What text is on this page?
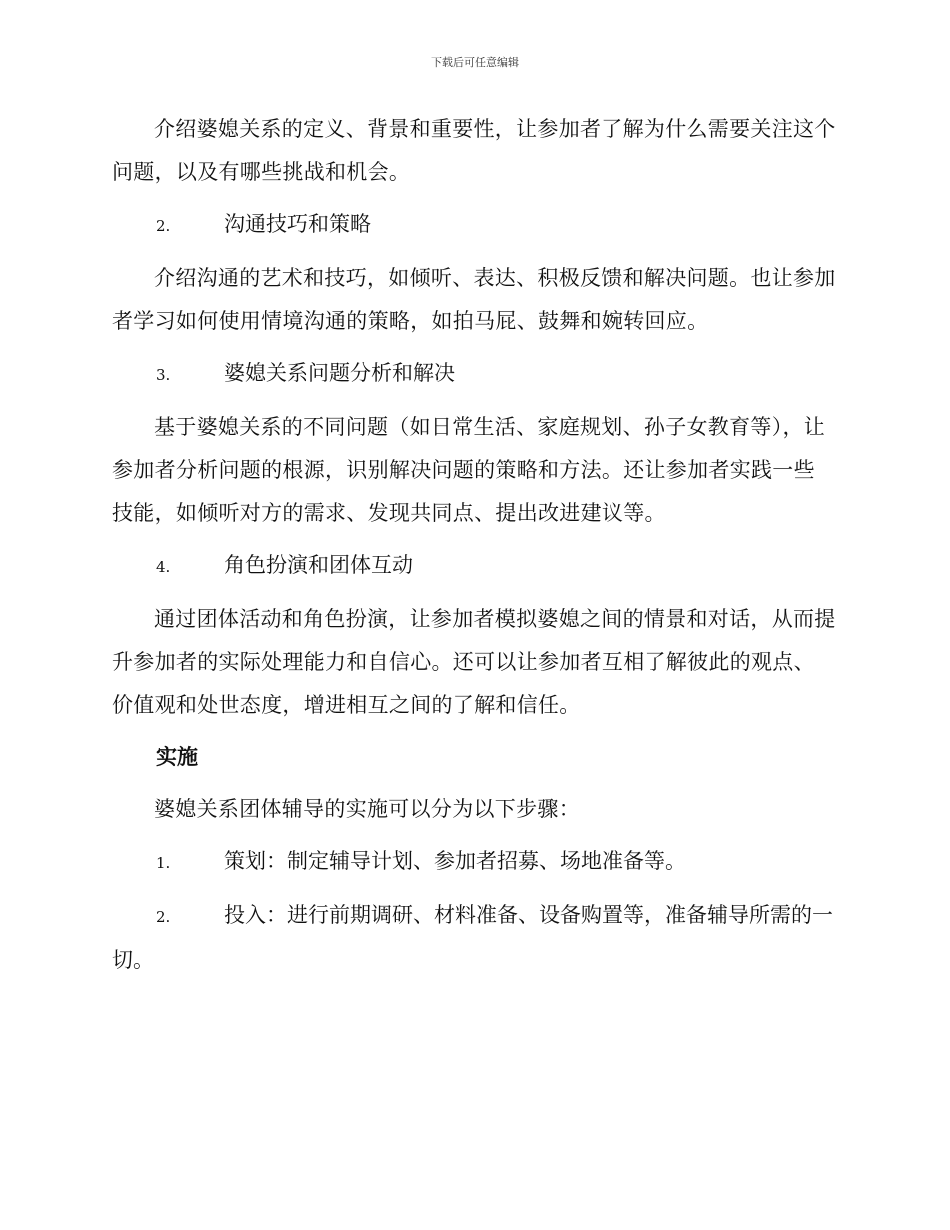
下载后可任意编辑

介绍婆媳关系的定义、背景和重要性，让参加者了解为什么需要关注这个问题，以及有哪些挑战和机会。

2.	沟通技巧和策略

介绍沟通的艺术和技巧，如倾听、表达、积极反馈和解决问题。也让参加者学习如何使用情境沟通的策略，如拍马屁、鼓舞和婉转回应。

3.	婆媳关系问题分析和解决

基于婆媳关系的不同问题（如日常生活、家庭规划、孙子女教育等），让参加者分析问题的根源，识别解决问题的策略和方法。还让参加者实践一些技能，如倾听对方的需求、发现共同点、提出改进建议等。

4.	角色扮演和团体互动

通过团体活动和角色扮演，让参加者模拟婆媳之间的情景和对话，从而提升参加者的实际处理能力和自信心。还可以让参加者互相了解彼此的观点、价值观和处世态度，增进相互之间的了解和信任。

实施

婆媳关系团体辅导的实施可以分为以下步骤：

1.	策划：制定辅导计划、参加者招募、场地准备等。
2.	投入：进行前期调研、材料准备、设备购置等，准备辅导所需的一切。
